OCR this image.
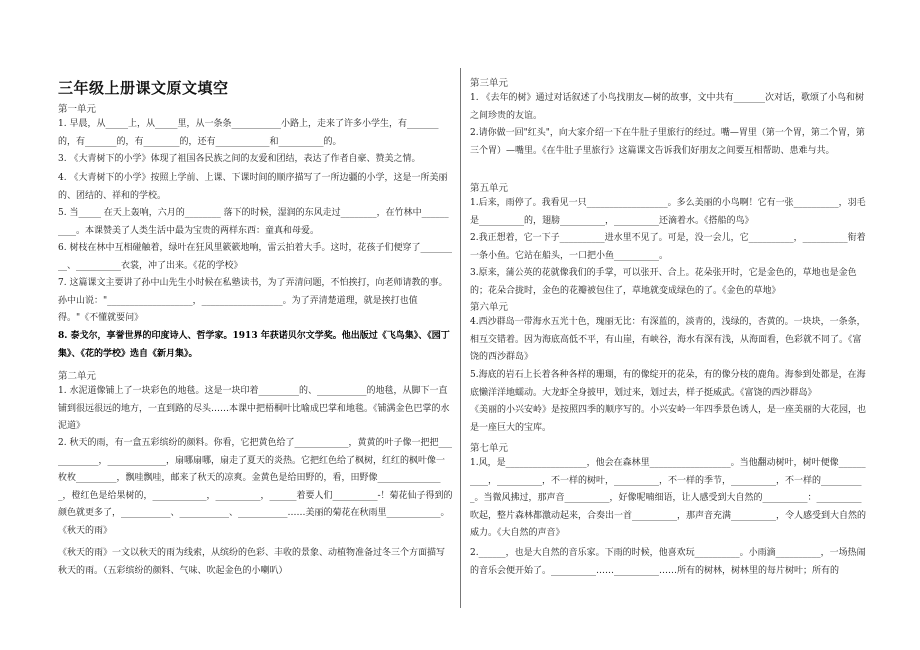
三年级上册课文原文填空
第一单元
1. 早晨，从_____上，从_____里，从一条条___________小路上，走来了许多小学生，有_______的，有_______的，有________的，还有____________和__________的。
3. 《大青树下的小学》体现了祖国各民族之间的友爱和团结，表达了作者自豪、赞美之情。
4. 《大青树下的小学》按照上学前、上课、下课时间的顺序描写了一所边疆的小学，这是一所美丽的、团结的、祥和的学校。
5. 当_____ 在天上轰响，六月的________ 落下的时候，湿润的东风走过________，在竹林中__________。本课赞美了人类生活中最为宝贵的两样东西：童真和母爱。
6. 树枝在林中互相碰触着，绿叶在狂风里簌簌地响，雷云拍着大手。这时，花孩子们便穿了_________、__________衣裳，冲了出来。《花的学校》
7. 这篇课文主要讲了孙中山先生小时候在私塾读书，为了弄清问题，不怕挨打，向老师请教的事。孙中山说："___________________，__________________。为了弄清楚道理，就是挨打也值得。"《不懂就要问》
8. 泰戈尔，享誉世界的印度诗人、哲学家。1913 年获诺贝尔文学奖。他出版过《飞鸟集》、《园丁集》、《花的学校》选自《新月集》。
第二单元
1. 水泥道像铺上了一块彩色的地毯。这是一块印着_________的、___________的地毯，从脚下一直铺到很远很远的地方，一直到路的尽头……本课中把梧桐叶比喻成巴掌和地毯。《铺满金色巴掌的水泥道》
2. 秋天的雨，有一盒五彩缤纷的颜料。你看，它把黄色给了____________，黄黄的叶子像一把把____________，_____________，扇哪扇哪，扇走了夏天的炎热。它把红色给了枫树，红红的枫叶像一枚枚_________，飘哇飘哇，邮来了秋天的凉爽。金黄色是给田野的，看，田野像_______________，橙红色是给果树的，____________，__________，______着要人们__________-！菊花仙子得到的颜色就更多了，___________、___________、___________……美丽的菊花在秋雨里____________。《秋天的雨》
《秋天的雨》一文以秋天的雨为线索，从缤纷的色彩、丰收的景象、动植物准备过冬三个方面描写秋天的雨。（五彩缤纷的颜料、气味、吹起金色的小喇叭）
第三单元
1. 《去年的树》通过对话叙述了小鸟找朋友—树的故事，文中共有_______次对话，歌颂了小鸟和树之间珍贵的友谊。
2.请你做一回"红头"，向大家介绍一下在牛肚子里旅行的经过。嘴—胃里（第一个胃，第二个胃，第三个胃）—嘴里。《在牛肚子里旅行》这篇课文告诉我们好朋友之间要互相帮助、患难与共。
第五单元
1.后来，雨停了。我看见一只__________________。多么美丽的小鸟啊！它有一张__________，羽毛是__________的，翅膀__________，__________还滴着水。《搭船的鸟》
2.我正想着，它一下子__________进水里不见了。可是，没一会儿，它__________，__________衔着一条小鱼。它站在船头，一口把小鱼__________。
3.原来，蒲公英的花就像我们的手掌，可以张开、合上。花朵张开时，它是金色的，草地也是金色的；花朵合拢时，金色的花瓣被包住了，草地就变成绿色的了。《金色的草地》
第六单元
4.西沙群岛一带海水五光十色，瑰丽无比：有深蓝的，淡青的，浅绿的，杏黄的。一块块，一条条，相互交错着。因为海底高低不平，有山崖，有峡谷，海水有深有浅，从海面看，色彩就不同了。《富饶的西沙群岛》
5.海底的岩石上长着各种各样的珊瑚，有的像绽开的花朵，有的像分枝的鹿角。海参到处都是，在海底懒洋洋地蠕动。大龙虾全身披甲，划过来，划过去，样子挺威武。《富饶的西沙群岛》
《美丽的小兴安岭》是按照四季的顺序写的。小兴安岭一年四季景色诱人，是一座美丽的大花园，也是一座巨大的宝库。
第七单元
1.风，是__________________，他会在森林里__________________。当他翻动树叶，树叶便像__________，__________，不一样的树叶，__________，不一样的季节，__________，不一样的__________。当微风拂过，那声音__________，好像呢喃细语，让人感受到大自然的__________：__________吹起，整片森林都激动起来，合奏出一首__________，那声音充满__________，令人感受到大自然的威力。《大自然的声音》
2.______，也是大自然的音乐家。下雨的时候，他喜欢玩__________。小雨滴__________，一场热闹的音乐会便开始了。__________……__________……所有的树林，树林里的每片树叶；所有的
